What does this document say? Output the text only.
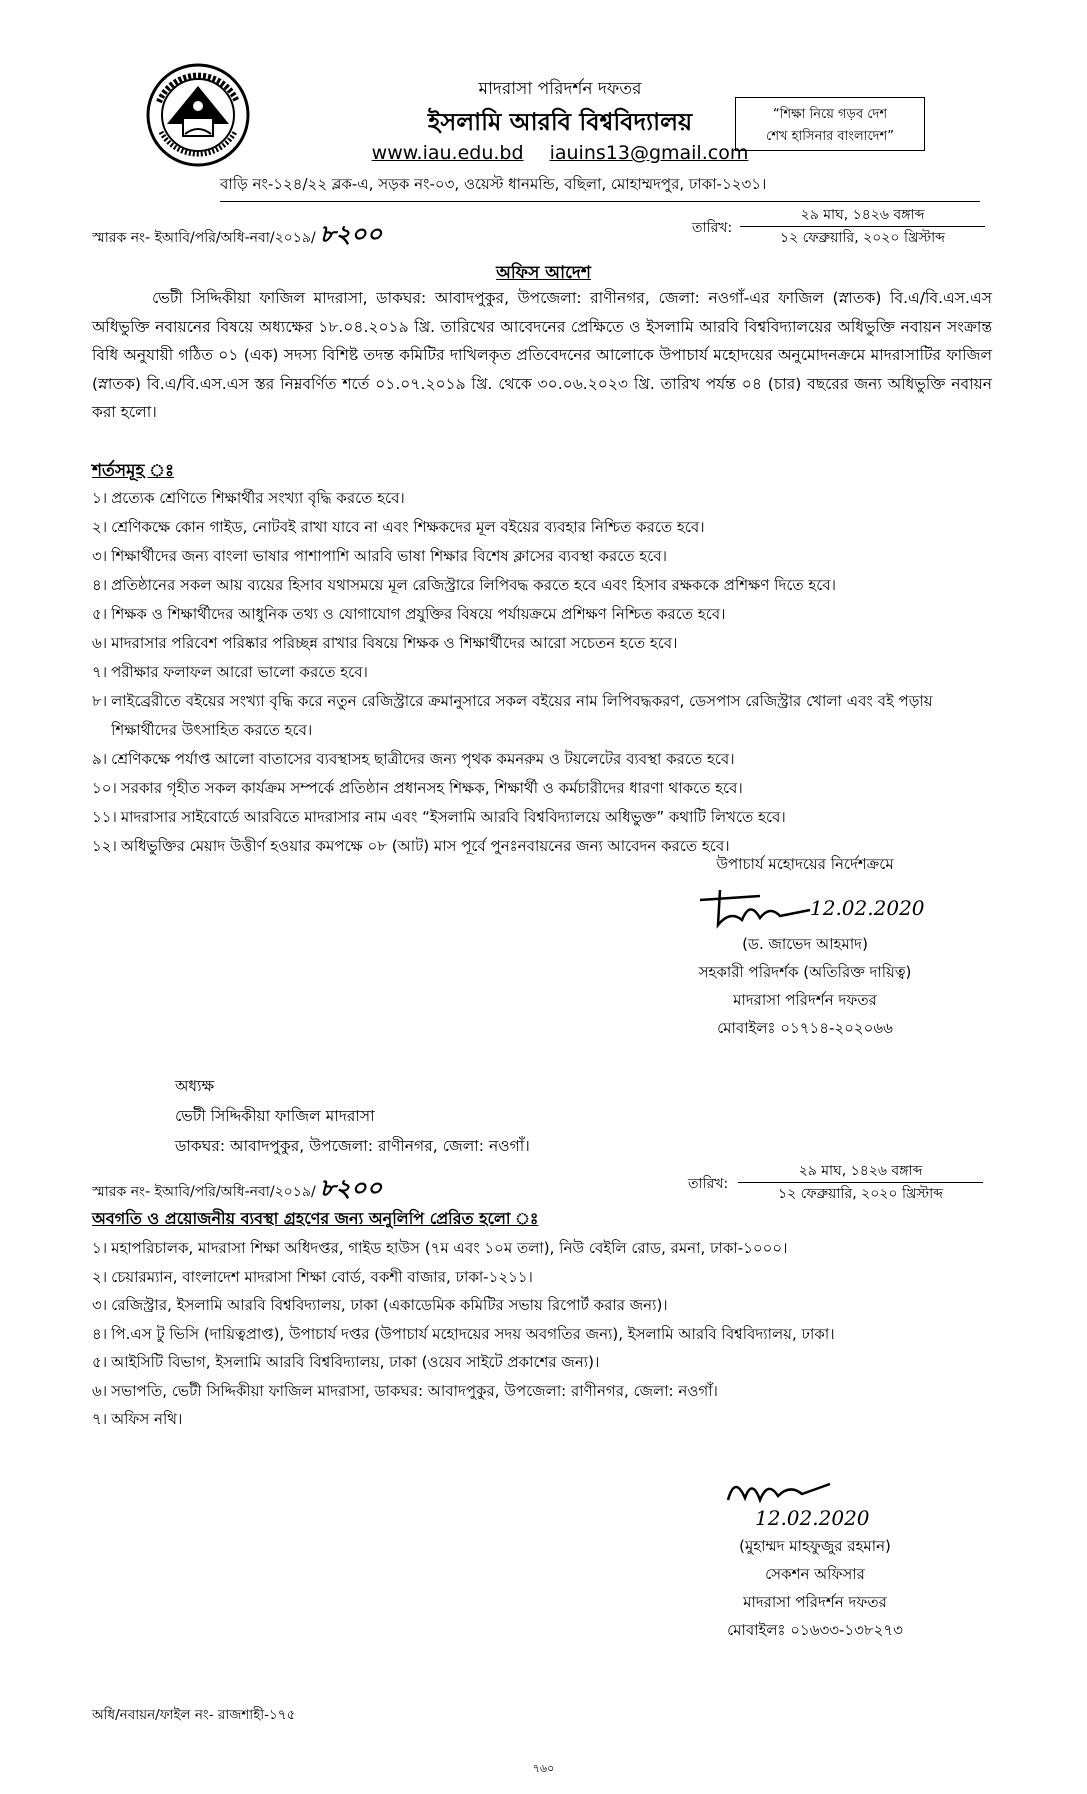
মাদরাসা পরিদর্শন দফতর
ইসলামি আরবি বিশ্ববিদ্যালয়
www.iau.edu.bd iauins13@gmail.com
বাড়ি নং-১২৪/২২ ব্লক-এ, সড়ক নং-০৩, ওয়েস্ট ধানমন্ডি, বছিলা, মোহাম্মদপুর, ঢাকা-১২৩১।
“শিক্ষা নিয়ে গড়ব দেশ
শেখ হাসিনার বাংলাদেশ”
স্মারক নং- ইআবি/পরি/অধি-নবা/২০১৯/ ৮২০০	তারিখ:
২৯ মাঘ, ১৪২৬ বঙ্গাব্দ
১২ ফেব্রুয়ারি, ২০২০ খ্রিস্টাব্দ
অফিস আদেশ
ভেটী সিদ্দিকীয়া ফাজিল মাদরাসা, ডাকঘর: আবাদপুকুর, উপজেলা: রাণীনগর, জেলা: নওগাঁ-এর ফাজিল (স্নাতক) বি.এ/বি.এস.এস অধিভুক্তি নবায়নের বিষয়ে অধ্যক্ষের ১৮.০৪.২০১৯ খ্রি. তারিখের আবেদনের প্রেক্ষিতে ও ইসলামি আরবি বিশ্ববিদ্যালয়ের অধিভুক্তি নবায়ন সংক্রান্ত বিধি অনুযায়ী গঠিত ০১ (এক) সদস্য বিশিষ্ট তদন্ত কমিটির দাখিলকৃত প্রতিবেদনের আলোকে উপাচার্য মহোদয়ের অনুমোদনক্রমে মাদরাসাটির ফাজিল (স্নাতক) বি.এ/বি.এস.এস স্তর নিম্নবর্ণিত শর্তে ০১.০৭.২০১৯ খ্রি. থেকে ৩০.০৬.২০২৩ খ্রি. তারিখ পর্যন্ত ০৪ (চার) বছরের জন্য অধিভুক্তি নবায়ন করা হলো।
শর্তসমূহ ঃ
১। প্রত্যেক শ্রেণিতে শিক্ষার্থীর সংখ্যা বৃদ্ধি করতে হবে।
২। শ্রেণিকক্ষে কোন গাইড, নোটবই রাখা যাবে না এবং শিক্ষকদের মূল বইয়ের ব্যবহার নিশ্চিত করতে হবে।
৩। শিক্ষার্থীদের জন্য বাংলা ভাষার পাশাপাশি আরবি ভাষা শিক্ষার বিশেষ ক্লাসের ব্যবস্থা করতে হবে।
৪। প্রতিষ্ঠানের সকল আয় ব্যয়ের হিসাব যথাসময়ে মূল রেজিস্ট্রারে লিপিবদ্ধ করতে হবে এবং হিসাব রক্ষককে প্রশিক্ষণ দিতে হবে।
৫। শিক্ষক ও শিক্ষার্থীদের আধুনিক তথ্য ও যোগাযোগ প্রযুক্তির বিষয়ে পর্যায়ক্রমে প্রশিক্ষণ নিশ্চিত করতে হবে।
৬। মাদরাসার পরিবেশ পরিষ্কার পরিচ্ছন্ন রাখার বিষয়ে শিক্ষক ও শিক্ষার্থীদের আরো সচেতন হতে হবে।
৭। পরীক্ষার ফলাফল আরো ভালো করতে হবে।
৮। লাইব্রেরীতে বইয়ের সংখ্যা বৃদ্ধি করে নতুন রেজিস্ট্রারে ক্রমানুসারে সকল বইয়ের নাম লিপিবদ্ধকরণ, ডেসপাস রেজিস্ট্রার খোলা এবং বই পড়ায় শিক্ষার্থীদের উৎসাহিত করতে হবে।
৯। শ্রেণিকক্ষে পর্যাপ্ত আলো বাতাসের ব্যবস্থাসহ ছাত্রীদের জন্য পৃথক কমনরুম ও টয়লেটের ব্যবস্থা করতে হবে।
১০। সরকার গৃহীত সকল কার্যক্রম সম্পর্কে প্রতিষ্ঠান প্রধানসহ শিক্ষক, শিক্ষার্থী ও কর্মচারীদের ধারণা থাকতে হবে।
১১। মাদরাসার সাইবোর্ডে আরবিতে মাদরাসার নাম এবং “ইসলামি আরবি বিশ্ববিদ্যালয়ে অধিভুক্ত” কথাটি লিখতে হবে।
১২। অধিভুক্তির মেয়াদ উত্তীর্ণ হওয়ার কমপক্ষে ০৮ (আট) মাস পূর্বে পুনঃনবায়নের জন্য আবেদন করতে হবে।
উপাচার্য মহোদয়ের নির্দেশক্রমে
12.02.2020
(ড. জাভেদ আহমাদ)
সহকারী পরিদর্শক (অতিরিক্ত দায়িত্ব)
মাদরাসা পরিদর্শন দফতর
মোবাইলঃ ০১৭১৪-২০২০৬৬
অধ্যক্ষ
ভেটী সিদ্দিকীয়া ফাজিল মাদরাসা
ডাকঘর: আবাদপুকুর, উপজেলা: রাণীনগর, জেলা: নওগাঁ।
স্মারক নং- ইআবি/পরি/অধি-নবা/২০১৯/ ৮২০০	তারিখ:
২৯ মাঘ, ১৪২৬ বঙ্গাব্দ
১২ ফেব্রুয়ারি, ২০২০ খ্রিস্টাব্দ
অবগতি ও প্রয়োজনীয় ব্যবস্থা গ্রহণের জন্য অনুলিপি প্রেরিত হলো ঃ
১। মহাপরিচালক, মাদরাসা শিক্ষা অধিদপ্তর, গাইড হাউস (৭ম এবং ১০ম তলা), নিউ বেইলি রোড, রমনা, ঢাকা-১০০০।
২। চেয়ারম্যান, বাংলাদেশ মাদরাসা শিক্ষা বোর্ড, বকশী বাজার, ঢাকা-১২১১।
৩। রেজিস্ট্রার, ইসলামি আরবি বিশ্ববিদ্যালয়, ঢাকা (একাডেমিক কমিটির সভায় রিপোর্ট করার জন্য)।
৪। পি.এস টু ভিসি (দায়িত্বপ্রাপ্ত), উপাচার্য দপ্তর (উপাচার্য মহোদয়ের সদয় অবগতির জন্য), ইসলামি আরবি বিশ্ববিদ্যালয়, ঢাকা।
৫। আইসিটি বিভাগ, ইসলামি আরবি বিশ্ববিদ্যালয়, ঢাকা (ওয়েব সাইটে প্রকাশের জন্য)।
৬। সভাপতি, ভেটী সিদ্দিকীয়া ফাজিল মাদরাসা, ডাকঘর: আবাদপুকুর, উপজেলা: রাণীনগর, জেলা: নওগাঁ।
৭। অফিস নথি।
12.02.2020
(মুহাম্মদ মাহফুজুর রহমান)
সেকশন অফিসার
মাদরাসা পরিদর্শন দফতর
মোবাইলঃ ০১৬৩৩-১৩৮২৭৩
অধি/নবায়ন/ফাইল নং- রাজশাহী-১৭৫
৭৬০
